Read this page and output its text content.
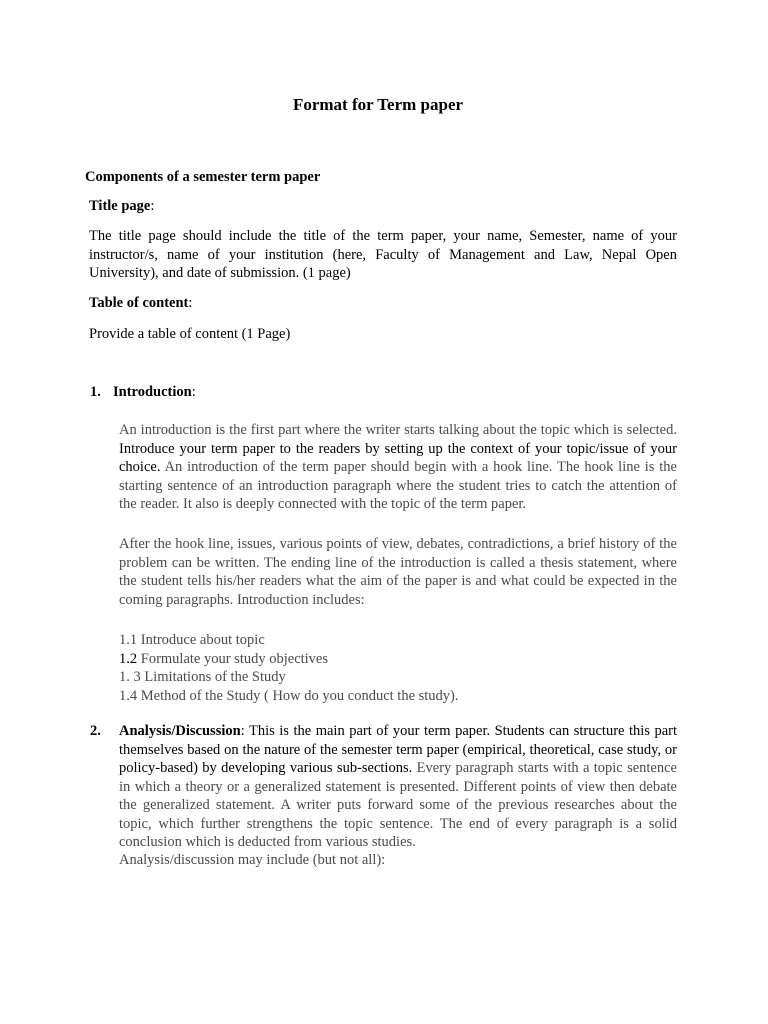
Format for Term paper
Components of a semester term paper
Title page:
The title page should include the title of the term paper, your name, Semester, name of your instructor/s, name of your institution (here, Faculty of Management and Law, Nepal Open University), and date of submission. (1 page)
Table of content:
Provide a table of content (1 Page)
1. Introduction:
An introduction is the first part where the writer starts talking about the topic which is selected. Introduce your term paper to the readers by setting up the context of your topic/issue of your choice. An introduction of the term paper should begin with a hook line. The hook line is the starting sentence of an introduction paragraph where the student tries to catch the attention of the reader. It also is deeply connected with the topic of the term paper.
After the hook line, issues, various points of view, debates, contradictions, a brief history of the problem can be written. The ending line of the introduction is called a thesis statement, where the student tells his/her readers what the aim of the paper is and what could be expected in the coming paragraphs. Introduction includes:
1.1 Introduce about topic
1.2 Formulate your study objectives
1. 3 Limitations of the Study
1.4 Method of the Study ( How do you conduct the study).
2. Analysis/Discussion: This is the main part of your term paper. Students can structure this part themselves based on the nature of the semester term paper (empirical, theoretical, case study, or policy-based) by developing various sub-sections. Every paragraph starts with a topic sentence in which a theory or a generalized statement is presented. Different points of view then debate the generalized statement. A writer puts forward some of the previous researches about the topic, which further strengthens the topic sentence. The end of every paragraph is a solid conclusion which is deducted from various studies.
Analysis/discussion may include (but not all):
